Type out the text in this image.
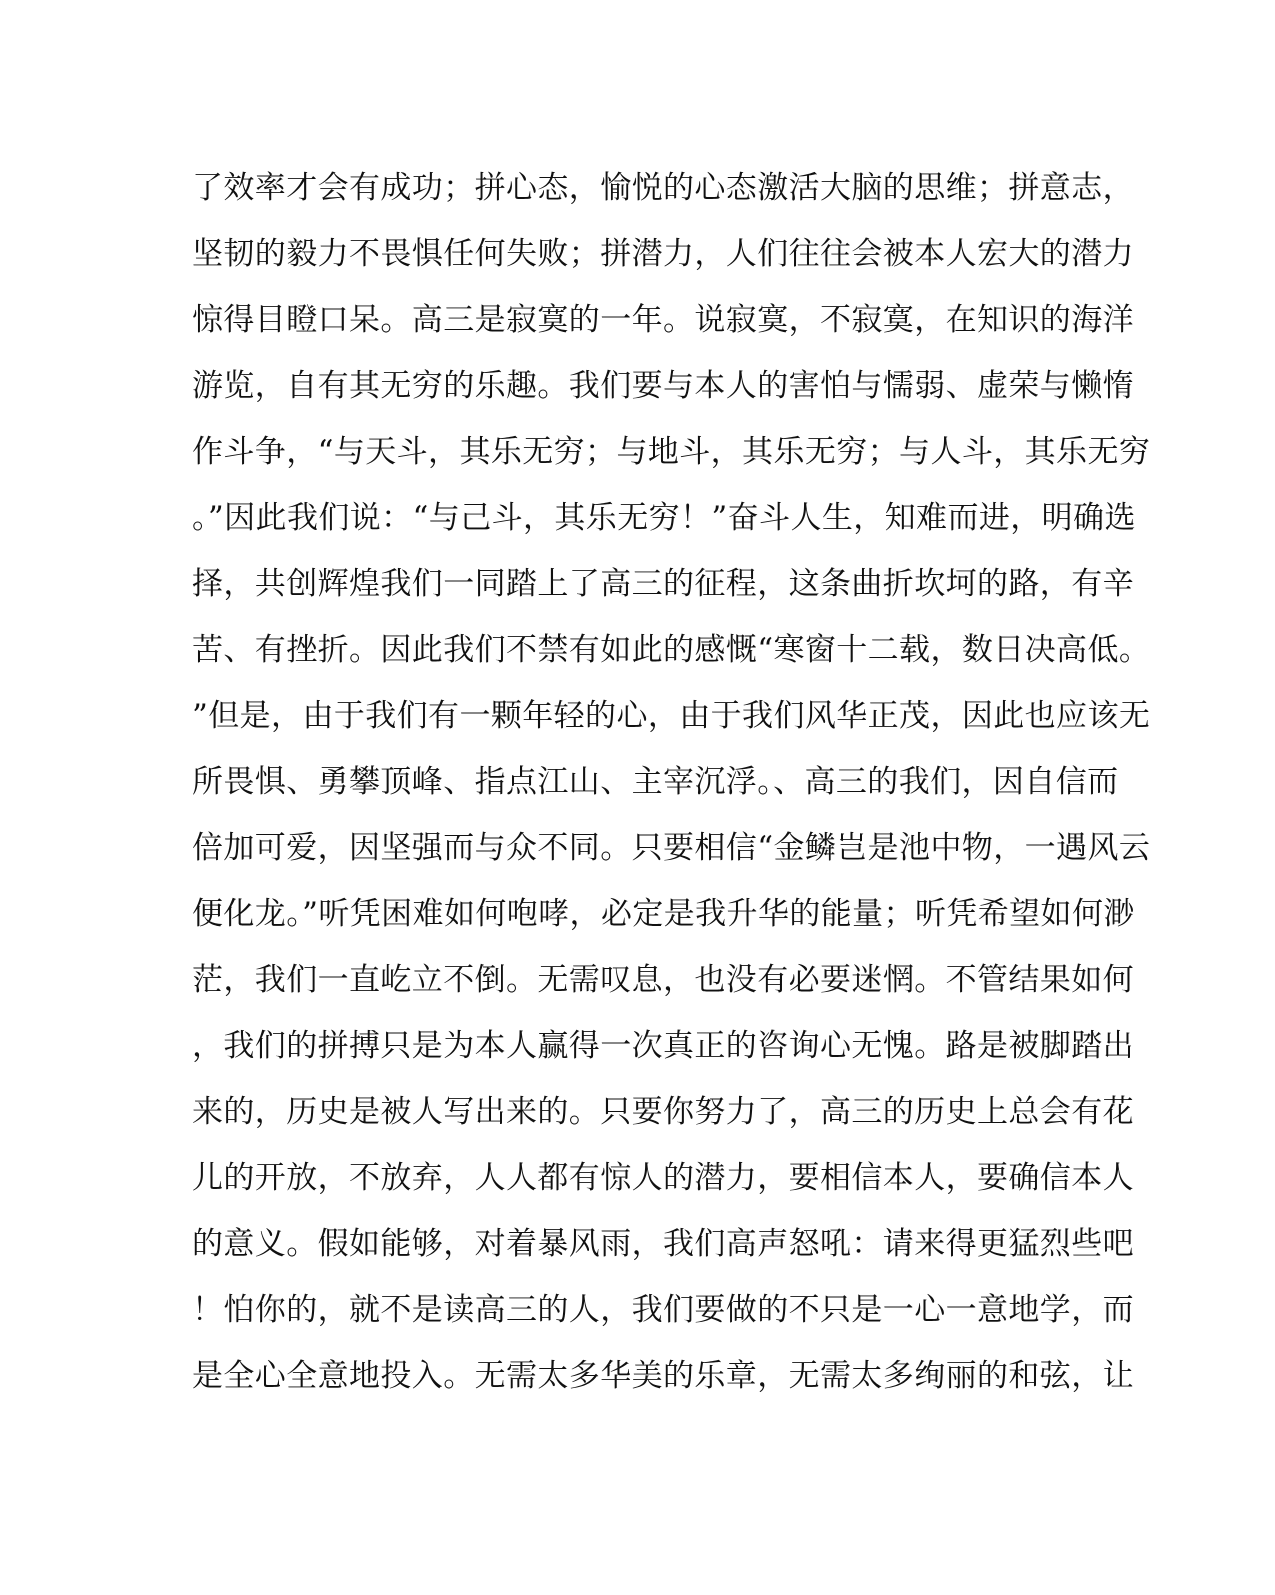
了效率才会有成功；拼心态，愉悦的心态激活大脑的思维；拼意志，
坚韧的毅力不畏惧任何失败；拼潜力，人们往往会被本人宏大的潜力
惊得目瞪口呆。高三是寂寞的一年。说寂寞，不寂寞，在知识的海洋
游览，自有其无穷的乐趣。我们要与本人的害怕与懦弱、虚荣与懒惰
作斗争，“与天斗，其乐无穷；与地斗，其乐无穷；与人斗，其乐无穷
。”因此我们说：“与己斗，其乐无穷！”奋斗人生，知难而进，明确选
择，共创辉煌我们一同踏上了高三的征程，这条曲折坎坷的路，有辛
苦、有挫折。因此我们不禁有如此的感慨“寒窗十二载，数日决高低。
”但是，由于我们有一颗年轻的心，由于我们风华正茂，因此也应该无
所畏惧、勇攀顶峰、指点江山、主宰沉浮。、高三的我们，因自信而
倍加可爱，因坚强而与众不同。只要相信“金鳞岂是池中物，一遇风云
便化龙。”听凭困难如何咆哮，必定是我升华的能量；听凭希望如何渺
茫，我们一直屹立不倒。无需叹息，也没有必要迷惘。不管结果如何
，我们的拼搏只是为本人赢得一次真正的咨询心无愧。路是被脚踏出
来的，历史是被人写出来的。只要你努力了，高三的历史上总会有花
儿的开放，不放弃，人人都有惊人的潜力，要相信本人，要确信本人
的意义。假如能够，对着暴风雨，我们高声怒吼：请来得更猛烈些吧
！怕你的，就不是读高三的人，我们要做的不只是一心一意地学，而
是全心全意地投入。无需太多华美的乐章，无需太多绚丽的和弦，让
